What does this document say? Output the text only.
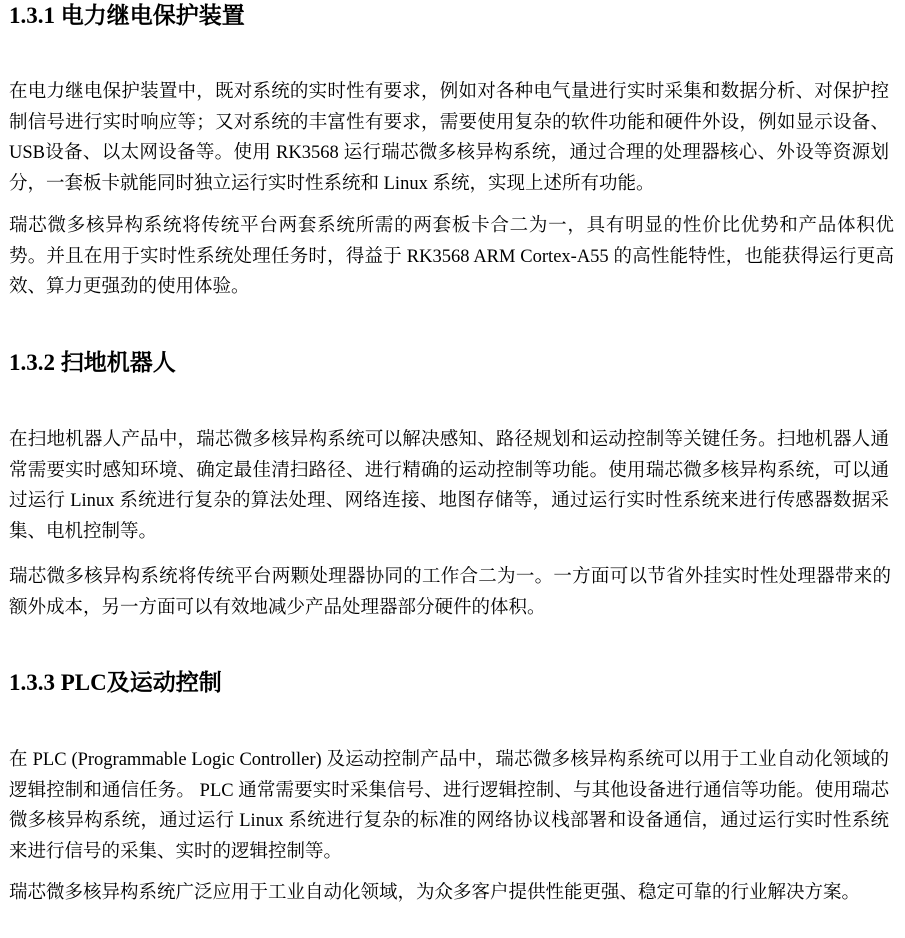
1.3.1 电力继电保护装置

在电力继电保护装置中，既对系统的实时性有要求，例如对各种电气量进行实时采集和数据分析、对保护控制信号进行实时响应等；又对系统的丰富性有要求，需要使用复杂的软件功能和硬件外设，例如显示设备、USB设备、以太网设备等。使用 RK3568 运行瑞芯微多核异构系统，通过合理的处理器核心、外设等资源划分，一套板卡就能同时独立运行实时性系统和 Linux 系统，实现上述所有功能。

瑞芯微多核异构系统将传统平台两套系统所需的两套板卡合二为一，具有明显的性价比优势和产品体积优势。并且在用于实时性系统处理任务时，得益于 RK3568 ARM Cortex-A55 的高性能特性，也能获得运行更高效、算力更强劲的使用体验。

1.3.2 扫地机器人

在扫地机器人产品中，瑞芯微多核异构系统可以解决感知、路径规划和运动控制等关键任务。扫地机器人通常需要实时感知环境、确定最佳清扫路径、进行精确的运动控制等功能。使用瑞芯微多核异构系统，可以通过运行 Linux 系统进行复杂的算法处理、网络连接、地图存储等，通过运行实时性系统来进行传感器数据采集、电机控制等。

瑞芯微多核异构系统将传统平台两颗处理器协同的工作合二为一。一方面可以节省外挂实时性处理器带来的额外成本，另一方面可以有效地减少产品处理器部分硬件的体积。

1.3.3 PLC及运动控制

在 PLC (Programmable Logic Controller) 及运动控制产品中，瑞芯微多核异构系统可以用于工业自动化领域的逻辑控制和通信任务。 PLC 通常需要实时采集信号、进行逻辑控制、与其他设备进行通信等功能。使用瑞芯微多核异构系统，通过运行 Linux 系统进行复杂的标准的网络协议栈部署和设备通信，通过运行实时性系统来进行信号的采集、实时的逻辑控制等。

瑞芯微多核异构系统广泛应用于工业自动化领域，为众多客户提供性能更强、稳定可靠的行业解决方案。
